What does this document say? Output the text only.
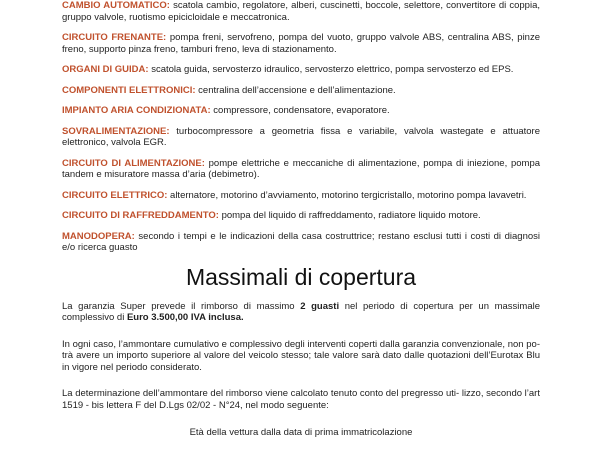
CAMBIO AUTOMATICO: scatola cambio, regolatore, alberi, cuscinetti, boccole, selettore, convertitore di coppia, gruppo valvole, ruotismo epicicloidale e meccatronica.

CIRCUITO FRENANTE: pompa freni, servofreno, pompa del vuoto, gruppo valvole ABS, centralina ABS, pinze freno, supporto pinza freno, tamburi freno, leva di stazionamento.

ORGANI DI GUIDA: scatola guida, servosterzo idraulico, servosterzo elettrico, pompa servosterzo ed EPS.

COMPONENTI ELETTRONICI: centralina dell’accensione e dell’alimentazione.

IMPIANTO ARIA CONDIZIONATA: compressore, condensatore, evaporatore.

SOVRALIMENTAZIONE: turbocompressore a geometria fissa e variabile, valvola wastegate e attuatore elettronico, valvola EGR.

CIRCUITO DI ALIMENTAZIONE: pompe elettriche e meccaniche di alimentazione, pompa di iniezione, pompa tandem e misuratore massa d’aria (debimetro).

CIRCUITO ELETTRICO: alternatore, motorino d’avviamento, motorino tergicristallo, motorino pompa lavavetri.

CIRCUITO DI RAFFREDDAMENTO: pompa del liquido di raffreddamento, radiatore liquido motore.

MANODOPERA: secondo i tempi e le indicazioni della casa costruttrice; restano esclusi tutti i costi di diagnosi e/o ricerca guasto

Massimali di copertura

La garanzia Super prevede il rimborso di massimo 2 guasti nel periodo di copertura per un massimale complessivo di Euro 3.500,00 IVA inclusa.

In ogni caso, l’ammontare cumulativo e complessivo degli interventi coperti dalla garanzia convenzionale, non po- trà avere un importo superiore al valore del veicolo stesso; tale valore sarà dato dalle quotazioni dell’Eurotax Blu in vigore nel periodo considerato.

La determinazione dell’ammontare del rimborso viene calcolato tenuto conto del pregresso uti- lizzo, secondo l’art 1519 - bis lettera F del D.Lgs 02/02 - N°24, nel modo seguente:

Età della vettura dalla data di prima immatricolazione
